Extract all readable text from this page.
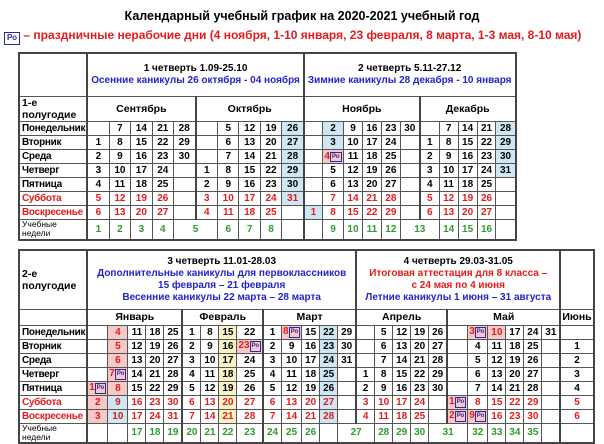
Календарный учебный график на 2020-2021 учебный год
Ро – праздничные нерабочие дни (4 ноября, 1-10 января, 23 февраля, 8 марта, 1-3 мая, 8-10 мая)

1 четверть 1.09-25.10
Осенние каникулы 26 октября - 04 ноября

2 четверть 5.11-27.12
Зимние каникулы 28 декабря - 10 января

1-е полугодие	Сентябрь					Октябрь					Ноябрь						Декабрь				
Понедельник		7	14	21	28		5	12	19	26		2	9	16	23	30		7	14	21	28
Вторник	1	8	15	22	29		6	13	20	27		3	10	17	24		1	8	15	22	29
Среда	2	9	16	23	30		7	14	21	28		4 Ро	11	18	25		2	9	16	23	30
Четверг	3	10	17	24		1	8	15	22	29		5	12	19	26		3	10	17	24	31
Пятница	4	11	18	25		2	9	16	23	30		6	13	20	27		4	11	18	25	
Суббота	5	12	19	26		3	10	17	24	31		7	14	21	28		5	12	19	26	
Воскресенье	6	13	20	27		4	11	18	25		1	8	15	22	29		6	13	20	27	
Учебные недели	1	2	3	4	5		6	7	8			9	10	11	12	13		14	15	16	
2-е полугодие	
3 четверть 11.01-28.03
Дополнительные каникулы для первоклассников
15 февраля – 21 февраля
Весенние каникулы 22 марта – 28 марта

4 четверть 29.03-31.05
Итоговая аттестация для 8 класса –
с 24 мая по 4 июня
Летние каникулы 1 июня – 31 августа

	Январь					Февраль				Март					Апрель					Май						Июнь
Понедельник		4	11	18	25	1	8	15	22	1	8 Ро	15	22	29		5	12	19	26		3 Ро	10	17	24	31	
Вторник		5	12	19	26	2	9	16	23 Ро	2	9	16	23	30		6	13	20	27		4	11	18	25		1
Среда		6	13	20	27	3	10	17	24	3	10	17	24	31		7	14	21	28		5	12	19	26		2
Четверг		7 Ро	14	21	28	4	11	18	25	4	11	18	25		1	8	15	22	29		6	13	20	27		3
Пятница	1 Ро	8	15	22	29	5	12	19	26	5	12	19	26		2	9	16	23	30		7	14	21	28		4
Суббота	2	9	16	23	30	6	13	20	27	6	13	20	27		3	10	17	24		1 Ро	8	15	22	29		5
Воскресенье	3	10	17	24	31	7	14	21	28	7	14	21	28		4	11	18	25		2 Ро	9 Ро	16	23	30		6
Учебные недели			17	18	19	20	21	22	23	24	25	26		27		28	29	30	31		32	33	34	35		
